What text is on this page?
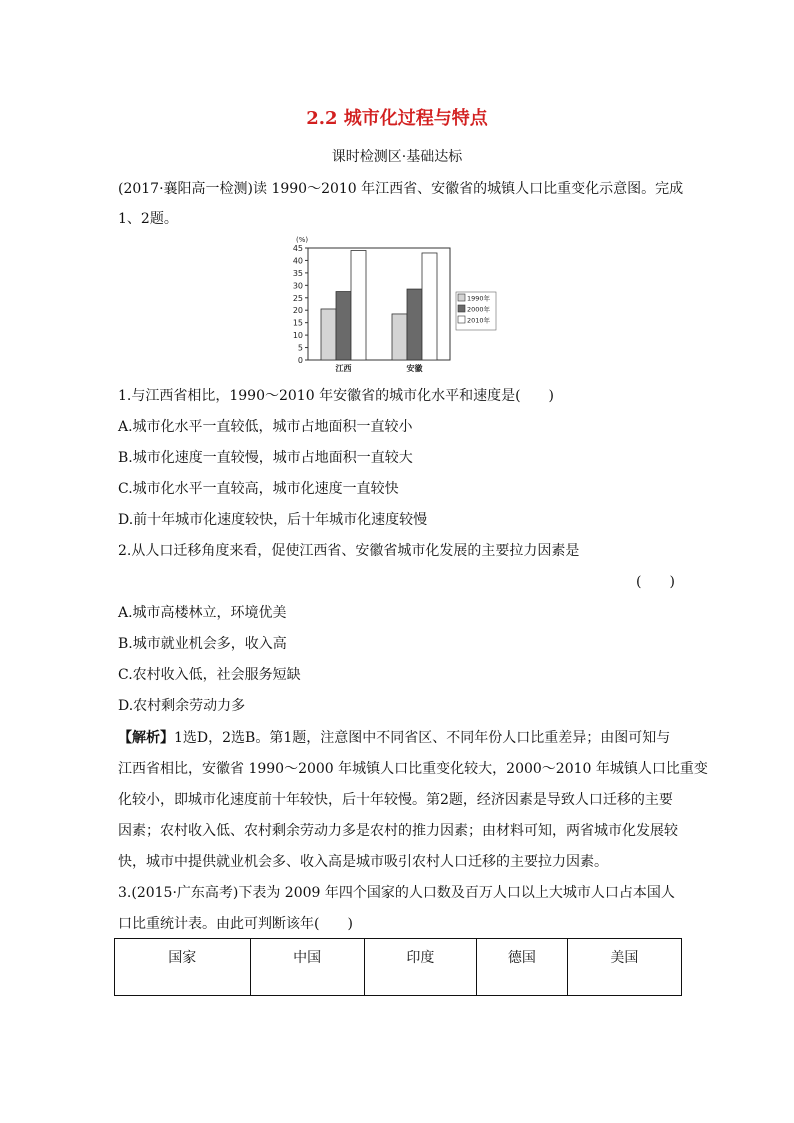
2.2 城市化过程与特点
课时检测区·基础达标
(2017·襄阳高一检测)读 1990～2010 年江西省、安徽省的城镇人口比重变化示意图。完成
1、2题。
0
5
10
15
20
25
30
35
40
45
(%)
江西	安徽
1990年
2000年
2010年
1.与江西省相比，1990～2010 年安徽省的城市化水平和速度是(　　)
A.城市化水平一直较低，城市占地面积一直较小
B.城市化速度一直较慢，城市占地面积一直较大
C.城市化水平一直较高，城市化速度一直较快
D.前十年城市化速度较快，后十年城市化速度较慢
2.从人口迁移角度来看，促使江西省、安徽省城市化发展的主要拉力因素是
(　　)
A.城市高楼林立，环境优美
B.城市就业机会多，收入高
C.农村收入低，社会服务短缺
D.农村剩余劳动力多
【解析】1选D，2选B。第1题，注意图中不同省区、不同年份人口比重差异；由图可知与
江西省相比，安徽省 1990～2000 年城镇人口比重变化较大，2000～2010 年城镇人口比重变
化较小，即城市化速度前十年较快，后十年较慢。第2题，经济因素是导致人口迁移的主要
因素；农村收入低、农村剩余劳动力多是农村的推力因素；由材料可知，两省城市化发展较
快，城市中提供就业机会多、收入高是城市吸引农村人口迁移的主要拉力因素。
3.(2015·广东高考)下表为 2009 年四个国家的人口数及百万人口以上大城市人口占本国人
口比重统计表。由此可判断该年(　　)
国家	中国	印度	德国	美国
